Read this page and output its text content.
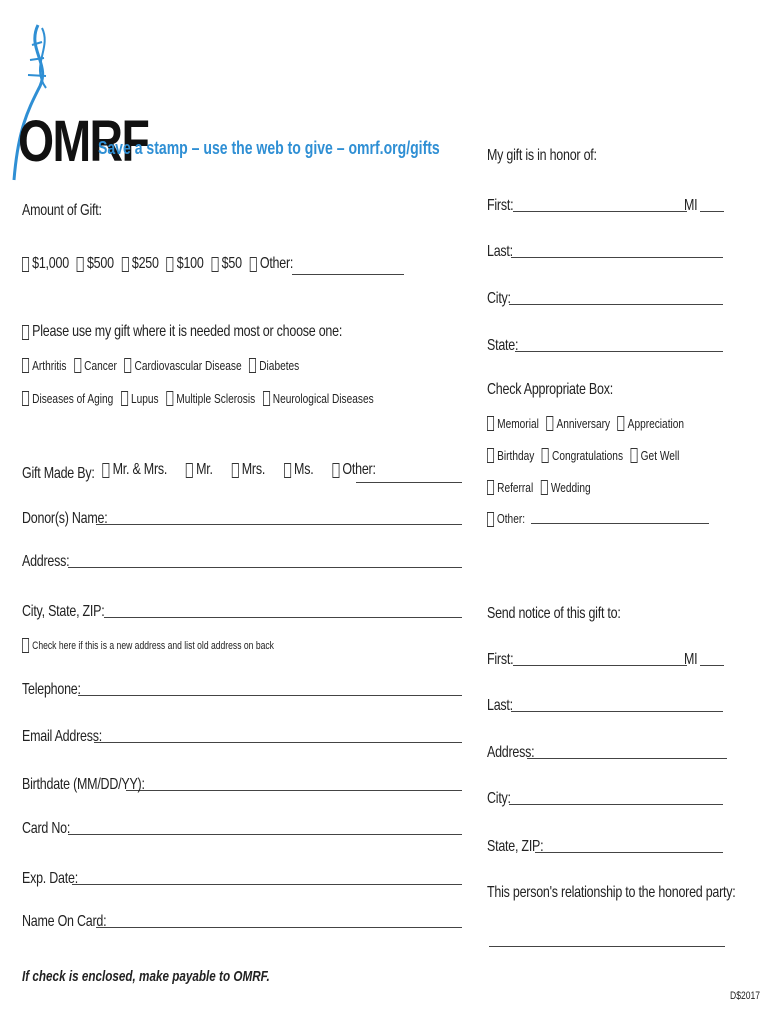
OMRF
Save a stamp – use the web to give – omrf.org/gifts
Amount of Gift:
$1,000
$500
$250
$100
$50
Other:
Please use my gift where it is needed most or choose one:
Arthritis
Cancer
Cardiovascular Disease
Diabetes
Diseases of Aging
Lupus
Multiple Sclerosis
Neurological Diseases
Gift Made By: Mr. & Mrs.
Mr.
Mrs.
Ms.
Other:
Donor(s) Name:
Address:
City, State, ZIP:
Check here if this is a new address and list old address on back
Telephone:
Email Address:
Birthdate (MM/DD/YY):
Card No:
Exp. Date:
Name On Card:
If check is enclosed, make payable to OMRF.
My gift is in honor of:
First:	MI
Last:
City:
State:
Check Appropriate Box:
Memorial
Anniversary
Appreciation
Birthday
Congratulations
Get Well
Referral
Wedding
Other:
Send notice of this gift to:
First:	MI
Last:
Address:
City:
State, ZIP:
This person's relationship to the honored party:
D$2017
